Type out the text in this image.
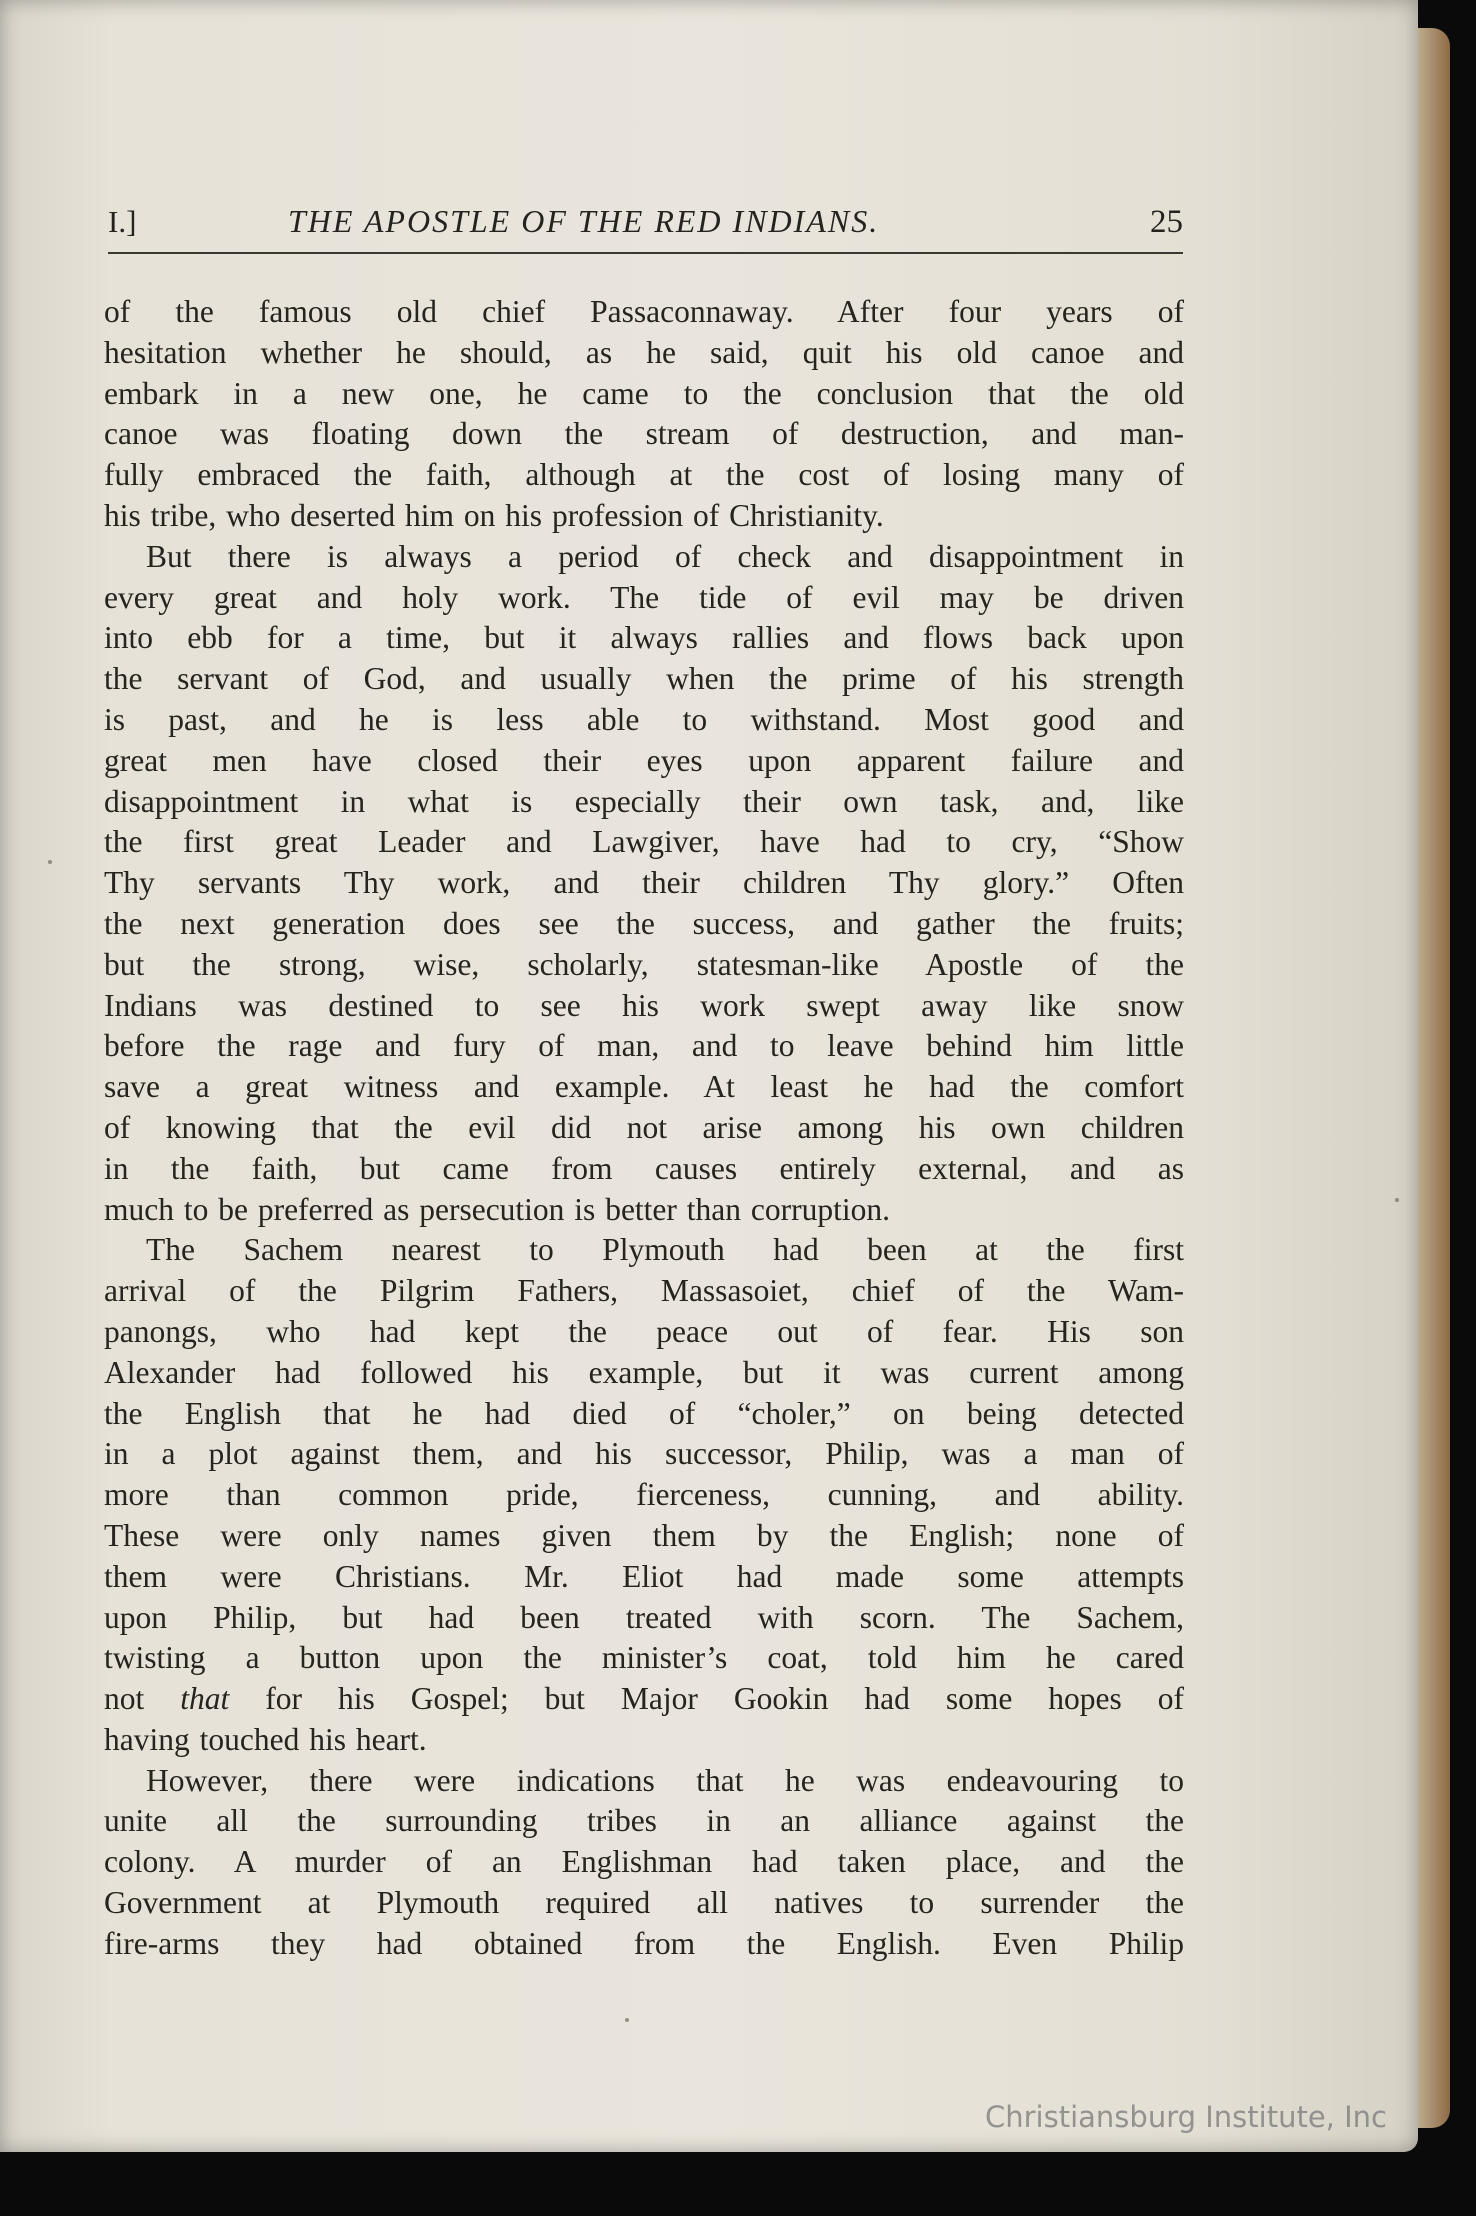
I.]	THE APOSTLE OF THE RED INDIANS.	25
of the famous old chief Passaconnaway. After four years of
hesitation whether he should, as he said, quit his old canoe and
embark in a new one, he came to the conclusion that the old
canoe was floating down the stream of destruction, and man-
fully embraced the faith, although at the cost of losing many of
his tribe, who deserted him on his profession of Christianity.
But there is always a period of check and disappointment in
every great and holy work. The tide of evil may be driven
into ebb for a time, but it always rallies and flows back upon
the servant of God, and usually when the prime of his strength
is past, and he is less able to withstand. Most good and
great men have closed their eyes upon apparent failure and
disappointment in what is especially their own task, and, like
the first great Leader and Lawgiver, have had to cry, “Show
Thy servants Thy work, and their children Thy glory.” Often
the next generation does see the success, and gather the fruits;
but the strong, wise, scholarly, statesman-like Apostle of the
Indians was destined to see his work swept away like snow
before the rage and fury of man, and to leave behind him little
save a great witness and example. At least he had the comfort
of knowing that the evil did not arise among his own children
in the faith, but came from causes entirely external, and as
much to be preferred as persecution is better than corruption.
The Sachem nearest to Plymouth had been at the first
arrival of the Pilgrim Fathers, Massasoiet, chief of the Wam-
panongs, who had kept the peace out of fear. His son
Alexander had followed his example, but it was current among
the English that he had died of “choler,” on being detected
in a plot against them, and his successor, Philip, was a man of
more than common pride, fierceness, cunning, and ability.
These were only names given them by the English; none of
them were Christians. Mr. Eliot had made some attempts
upon Philip, but had been treated with scorn. The Sachem,
twisting a button upon the minister’s coat, told him he cared
not that for his Gospel; but Major Gookin had some hopes of
having touched his heart.
However, there were indications that he was endeavouring to
unite all the surrounding tribes in an alliance against the
colony. A murder of an Englishman had taken place, and the
Government at Plymouth required all natives to surrender the
fire-arms they had obtained from the English. Even Philip
Christiansburg Institute, Inc
